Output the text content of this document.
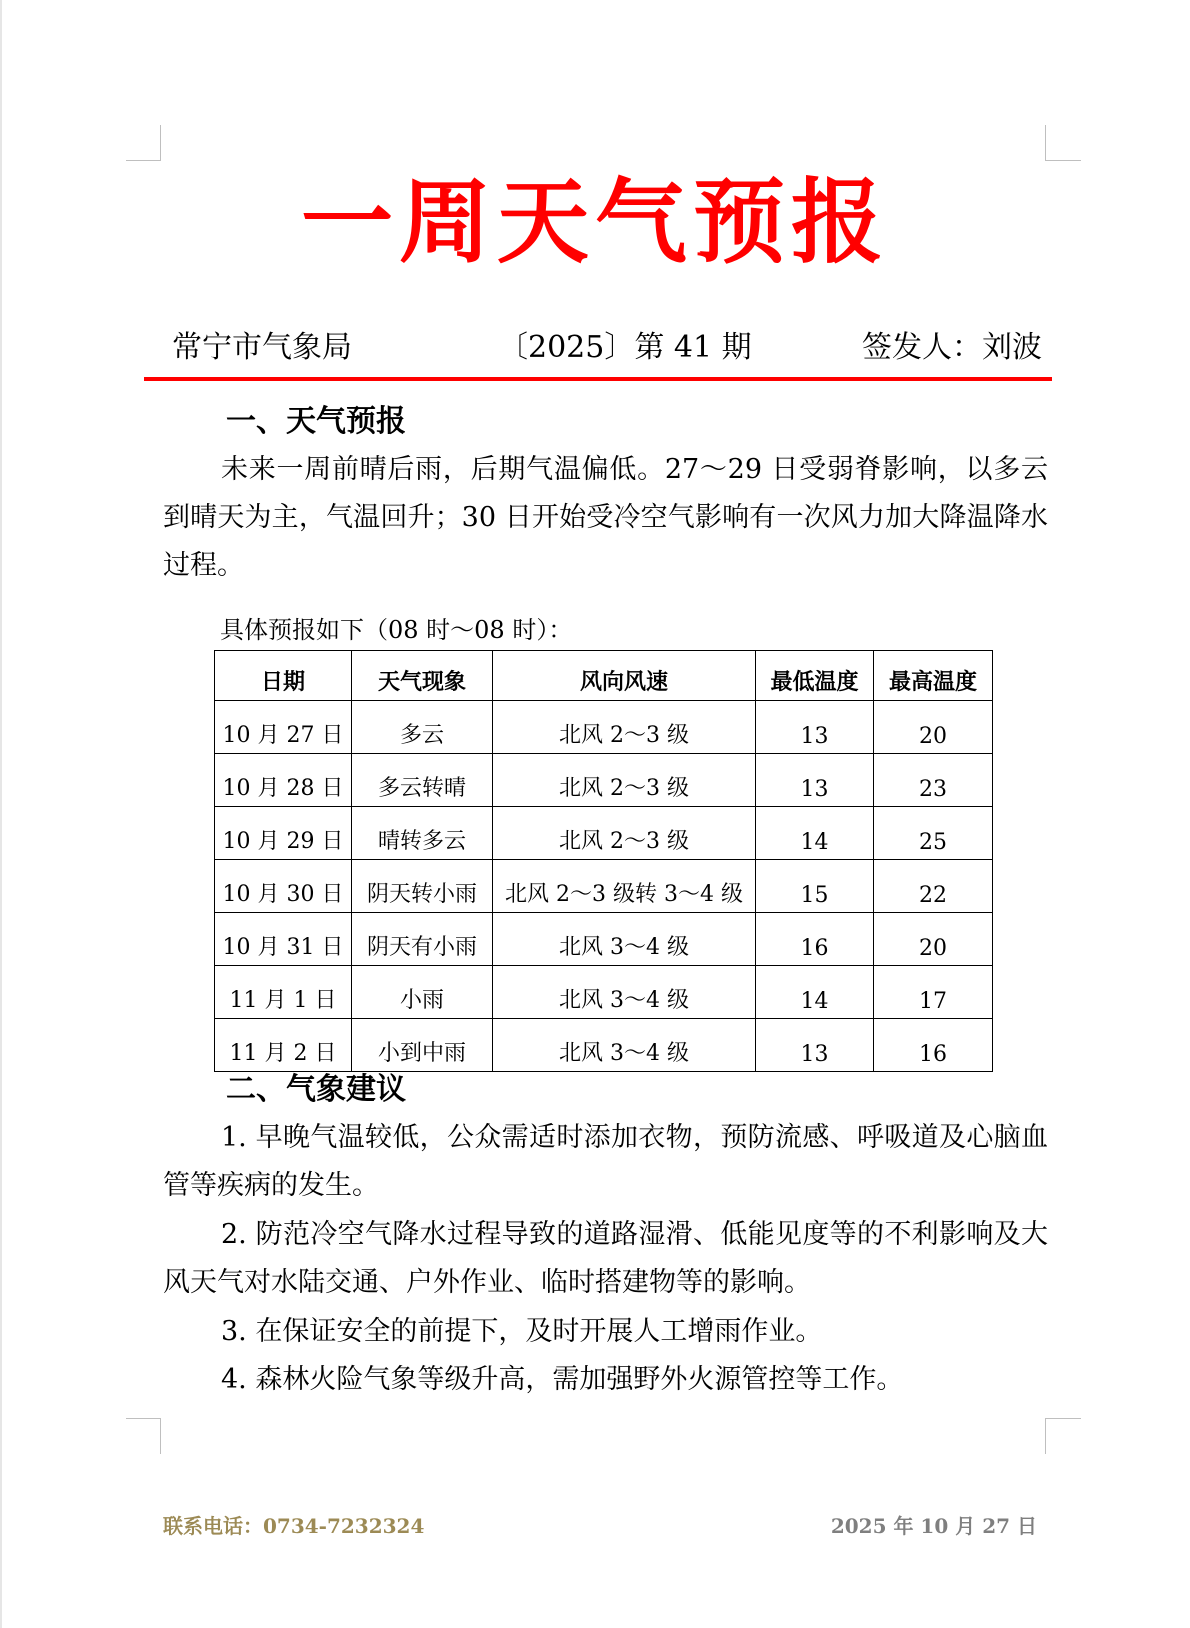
一周天气预报
常宁市气象局	〔2025〕第 41 期	签发人：刘波
一、天气预报
未来一周前晴后雨，后期气温偏低。27～29 日受弱脊影响，以多云到晴天为主，气温回升；30 日开始受冷空气影响有一次风力加大降温降水过程。
具体预报如下（08 时～08 时）：
日期	天气现象	风向风速	最低温度	最高温度
10 月 27 日	多云	北风 2～3 级	13	20
10 月 28 日	多云转晴	北风 2～3 级	13	23
10 月 29 日	晴转多云	北风 2～3 级	14	25
10 月 30 日	阴天转小雨	北风 2～3 级转 3～4 级	15	22
10 月 31 日	阴天有小雨	北风 3～4 级	16	20
11 月 1 日	小雨	北风 3～4 级	14	17
11 月 2 日	小到中雨	北风 3～4 级	13	16
二、气象建议
1. 早晚气温较低，公众需适时添加衣物，预防流感、呼吸道及心脑血管等疾病的发生。
2. 防范冷空气降水过程导致的道路湿滑、低能见度等的不利影响及大风天气对水陆交通、户外作业、临时搭建物等的影响。
3. 在保证安全的前提下，及时开展人工增雨作业。
4. 森林火险气象等级升高，需加强野外火源管控等工作。
联系电话：0734-7232324	2025 年 10 月 27 日
